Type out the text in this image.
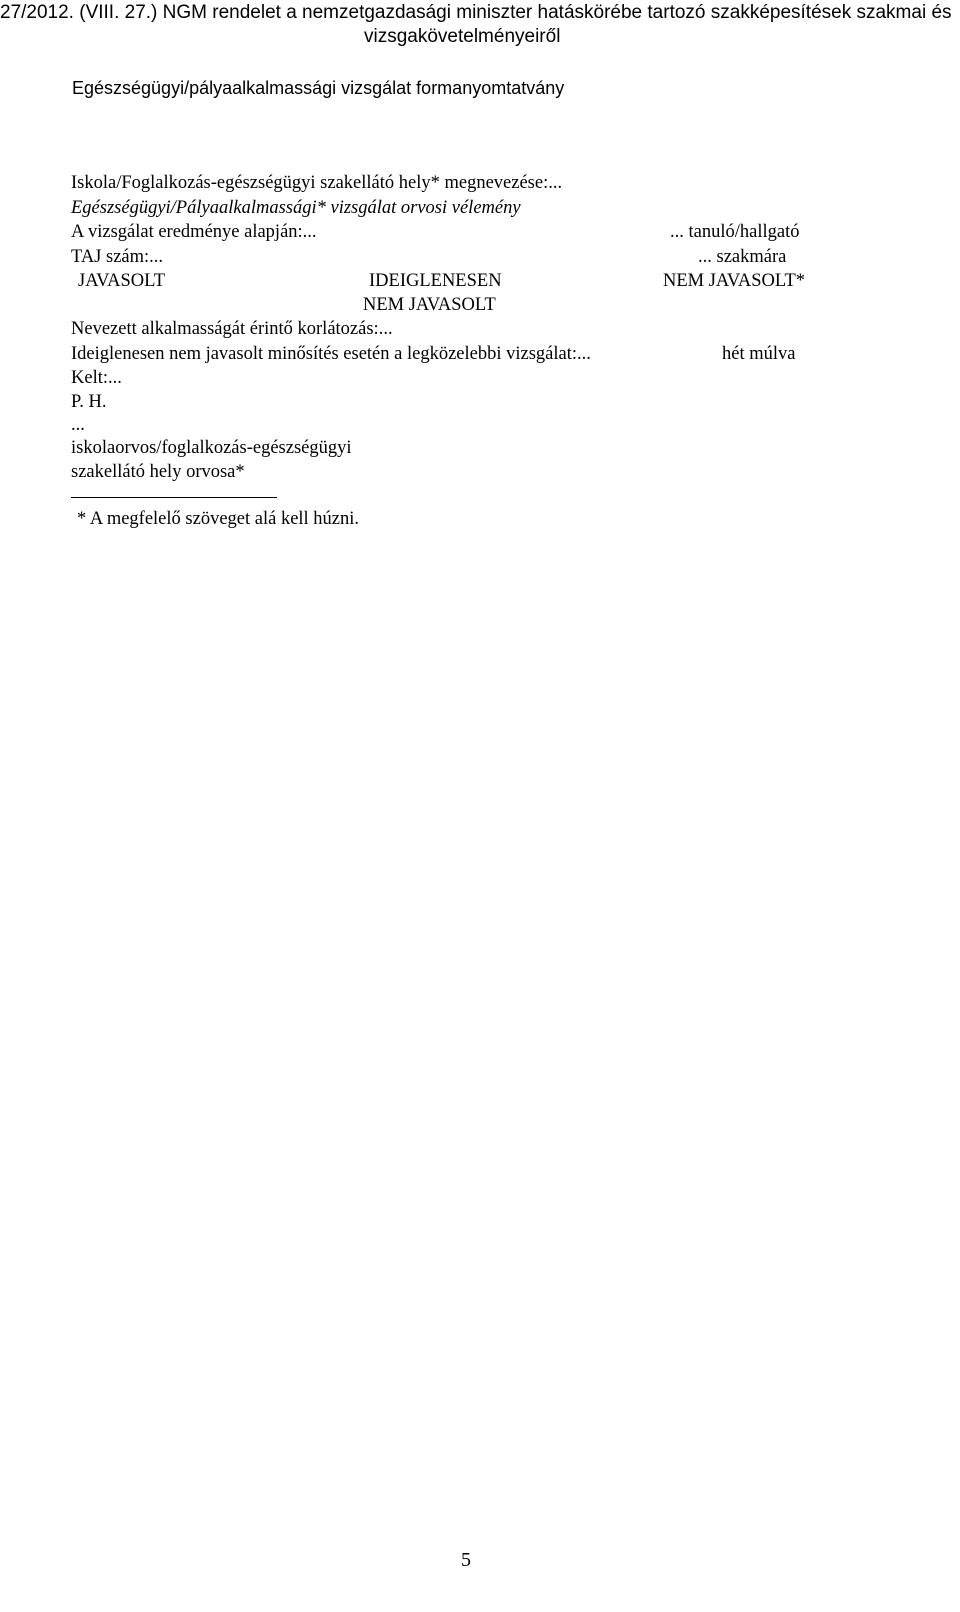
27/2012. (VIII. 27.) NGM rendelet a nemzetgazdasági miniszter hatáskörébe tartozó szakképesítések szakmai és
vizsgakövetelményeiről
Egészségügyi/pályaalkalmassági vizsgálat formanyomtatvány
Iskola/Foglalkozás-egészségügyi szakellátó hely* megnevezése:...
Egészségügyi/Pályaalkalmassági* vizsgálat orvosi vélemény
A vizsgálat eredménye alapján:...	... tanuló/hallgató
TAJ szám:...	... szakmára
JAVASOLT	IDEIGLENESEN	NEM JAVASOLT*
NEM JAVASOLT
Nevezett alkalmasságát érintő korlátozás:...
Ideiglenesen nem javasolt minősítés esetén a legközelebbi vizsgálat:...	hét múlva
Kelt:...
P. H.
...
iskolaorvos/foglalkozás-egészségügyi
szakellátó hely orvosa*
* A megfelelő szöveget alá kell húzni.
5
